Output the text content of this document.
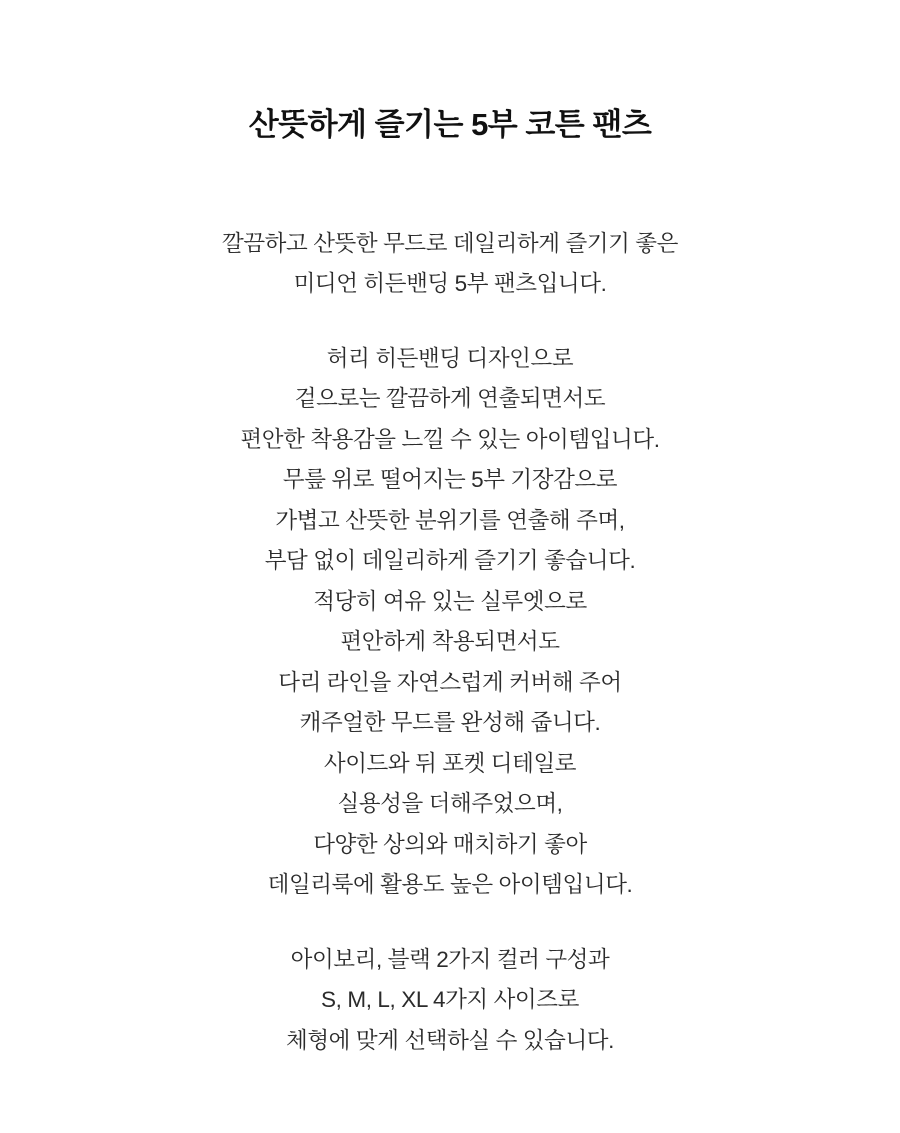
산뜻하게 즐기는 5부 코튼 팬츠
깔끔하고 산뜻한 무드로 데일리하게 즐기기 좋은
미디언 히든밴딩 5부 팬츠입니다.
허리 히든밴딩 디자인으로
겉으로는 깔끔하게 연출되면서도
편안한 착용감을 느낄 수 있는 아이템입니다.
무릎 위로 떨어지는 5부 기장감으로
가볍고 산뜻한 분위기를 연출해 주며,
부담 없이 데일리하게 즐기기 좋습니다.
적당히 여유 있는 실루엣으로
편안하게 착용되면서도
다리 라인을 자연스럽게 커버해 주어
캐주얼한 무드를 완성해 줍니다.
사이드와 뒤 포켓 디테일로
실용성을 더해주었으며,
다양한 상의와 매치하기 좋아
데일리룩에 활용도 높은 아이템입니다.
아이보리, 블랙 2가지 컬러 구성과
S, M, L, XL 4가지 사이즈로
체형에 맞게 선택하실 수 있습니다.
